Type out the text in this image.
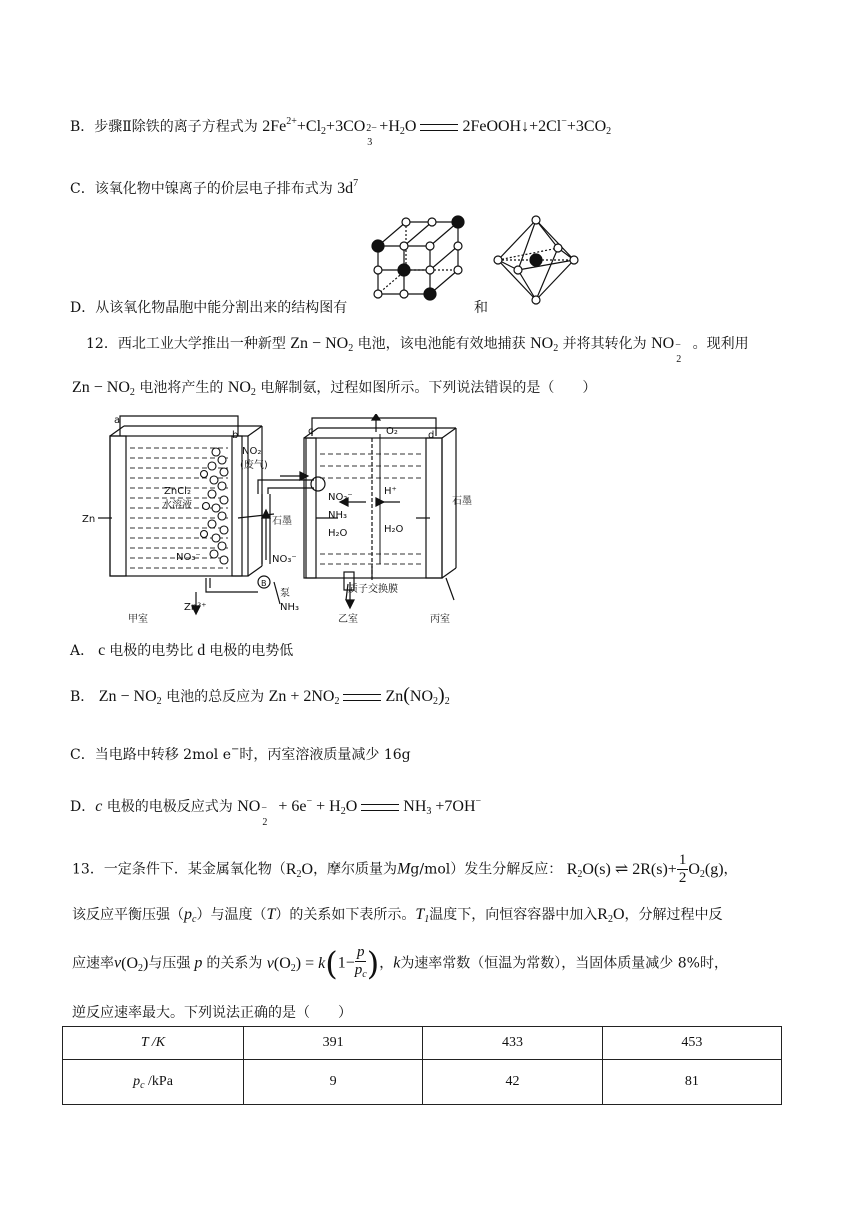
B．步骤Ⅱ除铁的离子方程式为 $2Fe^{2+}+Cl_2+3CO$ 2−
3
$+H_2O$	$2FeOOH↓+2Cl^-+3CO_2$
C．该氧化物中镍离子的价层电子排布式为 $3d^7$
D．从该氧化物晶胞中能分割出来的结构图有	和
12．西北工业大学推出一种新型 $Zn - NO_2$ 电池，该电池能有效地捕获 $NO_2$ 并将其转化为 NO −
2
。现利用
$Zn - NO_2$ 电池将产生的 $NO_2$ 电解制氨，过程如图所示。下列说法错误的是（　　）
a
b	c	d
NO₂
(废气)
O₂
ZnCl₂
水溶液
Zn	石墨
石墨
NO₃⁻	NO₃⁻
泵
B
NH₃
Zn²⁺
NO₂⁻
NH₃
H₂O
H⁺
H₂O
质子交换膜
甲室	乙室	丙室
A． c 电极的电势比 d 电极的电势低
B． $Zn - NO_2$ 电池的总反应为 $Zn + 2NO_2$	$Zn(NO_2)_2$
C．当电路中转移 2mol e−时，丙室溶液质量减少 16g
D．c 电极的电极反应式为 NO −
2
+ $6e^- + H_2O$	$NH_3 +7OH^-$
13．一定条件下．某金属氧化物（$R_2O$，摩尔质量为Mg/mol）发生分解反应： $R_2O(s)$ ⇌ $2R(s)+ \frac{1}{2} O_2(g)$，
该反应平衡压强$(p_c)$与温度（T）的关系如下表所示。$T_1$温度下，向恒容容器中加入$R_2O$，分解过程中反
应速率$v(O_2)$与压强 p 的关系为 $v(O_2) = k(1- \frac{p}{p_c}$ )，k为速率常数（恒温为常数），当固体质量减少 8%时，
逆反应速率最大。下列说法正确的是（　　）
T /K	391	433	453
$p_c$ /kPa	9	42	81
